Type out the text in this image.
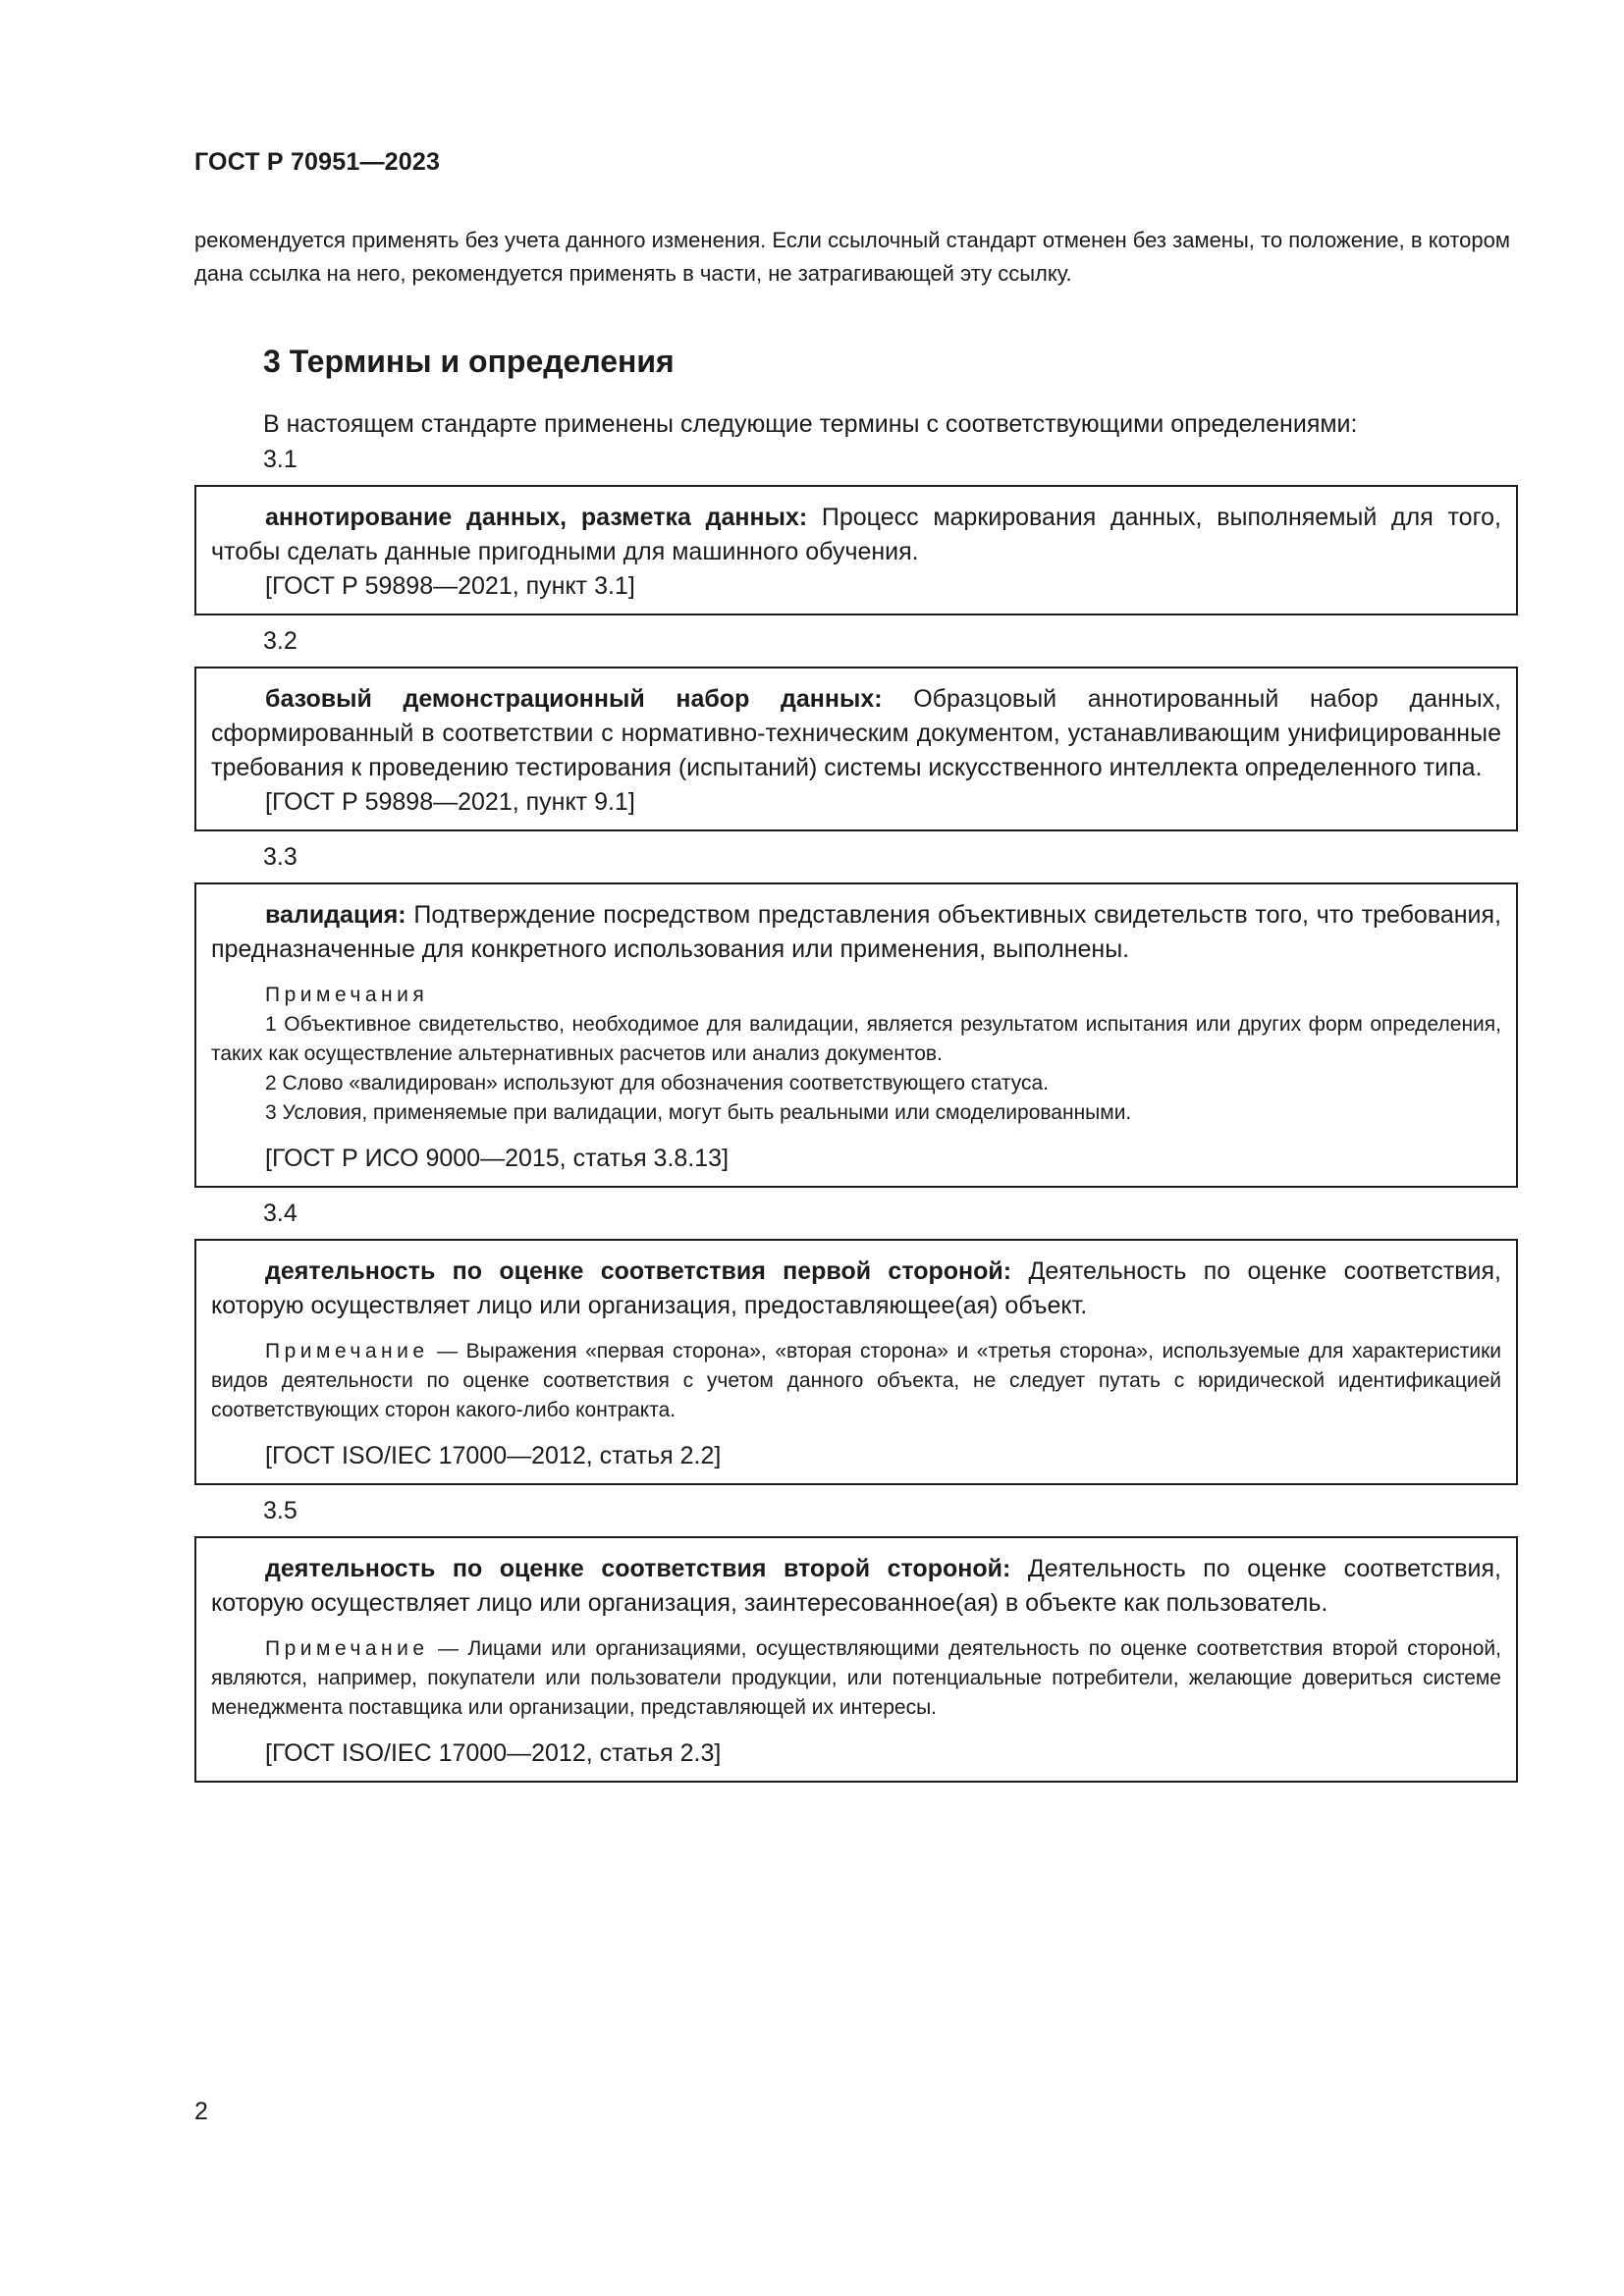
ГОСТ Р 70951—2023

рекомендуется применять без учета данного изменения. Если ссылочный стандарт отменен без замены, то положение, в котором дана ссылка на него, рекомендуется применять в части, не затрагивающей эту ссылку.

3 Термины и определения

В настоящем стандарте применены следующие термины с соответствующими определениями:

3.1

аннотирование данных, разметка данных: Процесс маркирования данных, выполняемый для того, чтобы сделать данные пригодными для машинного обучения.

[ГОСТ Р 59898—2021, пункт 3.1]

3.2

базовый демонстрационный набор данных: Образцовый аннотированный набор данных, сформированный в соответствии с нормативно-техническим документом, устанавливающим унифицированные требования к проведению тестирования (испытаний) системы искусственного интеллекта определенного типа.

[ГОСТ Р 59898—2021, пункт 9.1]

3.3

валидация: Подтверждение посредством представления объективных свидетельств того, что требования, предназначенные для конкретного использования или применения, выполнены.

Примечания

1 Объективное свидетельство, необходимое для валидации, является результатом испытания или других форм определения, таких как осуществление альтернативных расчетов или анализ документов.

2 Слово «валидирован» используют для обозначения соответствующего статуса.

3 Условия, применяемые при валидации, могут быть реальными или смоделированными.

[ГОСТ Р ИСО 9000—2015, статья 3.8.13]

3.4

деятельность по оценке соответствия первой стороной: Деятельность по оценке соответствия, которую осуществляет лицо или организация, предоставляющее(ая) объект.

Примечание — Выражения «первая сторона», «вторая сторона» и «третья сторона», используемые для характеристики видов деятельности по оценке соответствия с учетом данного объекта, не следует путать с юридической идентификацией соответствующих сторон какого-либо контракта.

[ГОСТ ISO/IEC 17000—2012, статья 2.2]

3.5

деятельность по оценке соответствия второй стороной: Деятельность по оценке соответствия, которую осуществляет лицо или организация, заинтересованное(ая) в объекте как пользователь.

Примечание — Лицами или организациями, осуществляющими деятельность по оценке соответствия второй стороной, являются, например, покупатели или пользователи продукции, или потенциальные потребители, желающие довериться системе менеджмента поставщика или организации, представляющей их интересы.

[ГОСТ ISO/IEC 17000—2012, статья 2.3]

2
